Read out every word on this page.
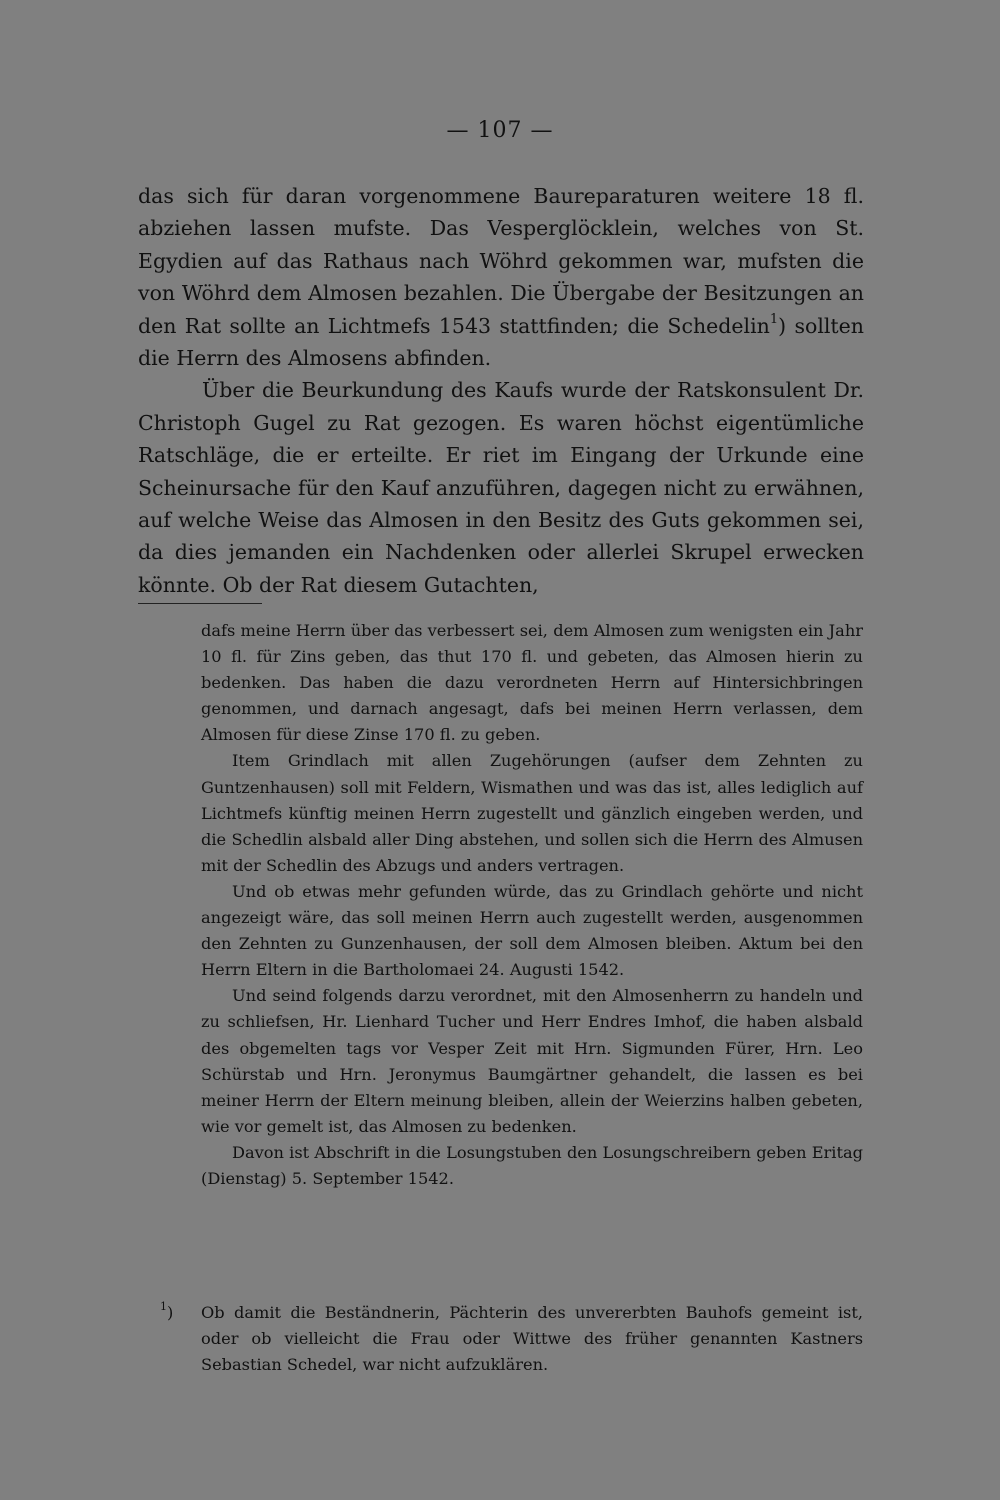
— 107 —

das sich für daran vorgenommene Baureparaturen weitere 18 fl. abziehen lassen mufste. Das Vesperglöcklein, welches von St. Egydien auf das Rathaus nach Wöhrd gekommen war, mufsten die von Wöhrd dem Almosen bezahlen. Die Übergabe der Besitzungen an den Rat sollte an Lichtmefs 1543 stattfinden; die Schedelin$^1$) sollten die Herrn des Almosens abfinden.

Über die Beurkundung des Kaufs wurde der Ratskonsulent Dr. Christoph Gugel zu Rat gezogen. Es waren höchst eigentümliche Ratschläge, die er erteilte. Er riet im Eingang der Urkunde eine Scheinursache für den Kauf anzuführen, dagegen nicht zu erwähnen, auf welche Weise das Almosen in den Besitz des Guts gekommen sei, da dies jemanden ein Nachdenken oder allerlei Skrupel erwecken könnte. Ob der Rat diesem Gutachten,

dafs meine Herrn über das verbessert sei, dem Almosen zum wenigsten ein Jahr 10 fl. für Zins geben, das thut 170 fl. und gebeten, das Almosen hierin zu bedenken. Das haben die dazu verordneten Herrn auf Hintersichbringen genommen, und darnach angesagt, dafs bei meinen Herrn verlassen, dem Almosen für diese Zinse 170 fl. zu geben.

Item Grindlach mit allen Zugehörungen (aufser dem Zehnten zu Guntzenhausen) soll mit Feldern, Wismathen und was das ist, alles lediglich auf Lichtmefs künftig meinen Herrn zugestellt und gänzlich eingeben werden, und die Schedlin alsbald aller Ding abstehen, und sollen sich die Herrn des Almusen mit der Schedlin des Abzugs und anders vertragen.

Und ob etwas mehr gefunden würde, das zu Grindlach gehörte und nicht angezeigt wäre, das soll meinen Herrn auch zugestellt werden, ausgenommen den Zehnten zu Gunzenhausen, der soll dem Almosen bleiben. Aktum bei den Herrn Eltern in die Bartholomaei 24. Augusti 1542.

Und seind folgends darzu verordnet, mit den Almosenherrn zu handeln und zu schliefsen, Hr. Lienhard Tucher und Herr Endres Imhof, die haben alsbald des obgemelten tags vor Vesper Zeit mit Hrn. Sigmunden Fürer, Hrn. Leo Schürstab und Hrn. Jeronymus Baumgärtner gehandelt, die lassen es bei meiner Herrn der Eltern meinung bleiben, allein der Weierzins halben gebeten, wie vor gemelt ist, das Almosen zu bedenken.

Davon ist Abschrift in die Losungstuben den Losungschreibern geben Eritag (Dienstag) 5. September 1542.

$^1$)	Ob damit die Beständnerin, Pächterin des unvererbten Bauhofs gemeint ist, oder ob vielleicht die Frau oder Wittwe des früher genannten Kastners Sebastian Schedel, war nicht aufzuklären.
